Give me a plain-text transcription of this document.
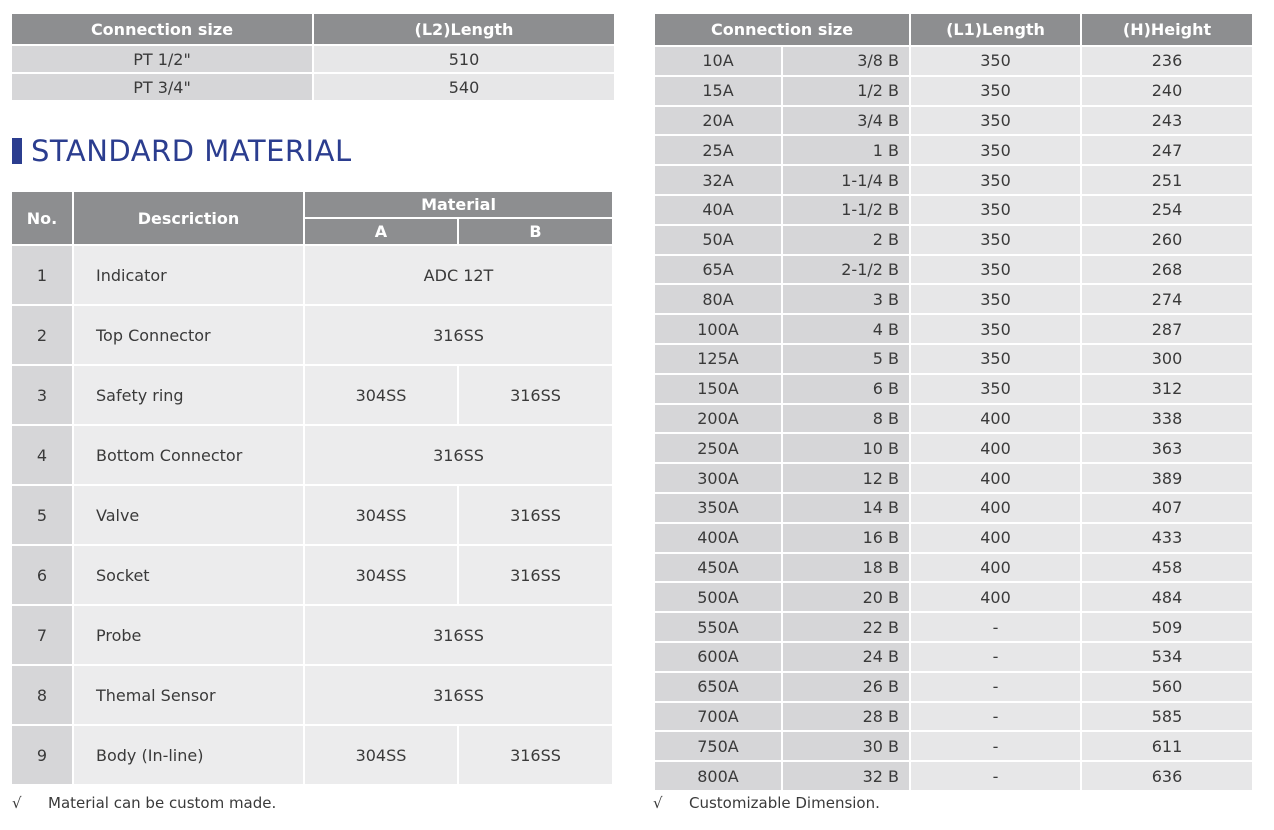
Connection size	(L2)Length
PT 1/2"	510
PT 3/4"	540
STANDARD MATERIAL
No.	Descriction	Material	
		A	B
1	Indicator	ADC 12T	
2	Top Connector	316SS	
3	Safety ring	304SS	316SS
4	Bottom Connector	316SS	
5	Valve	304SS	316SS
6	Socket	304SS	316SS
7	Probe	316SS	
8	Themal Sensor	316SS	
9	Body (In-line)	304SS	316SS
√	Material can be custom made.
Connection size		(L1)Length	(H)Height
10A	3/8 B	350	236
15A	1/2 B	350	240
20A	3/4 B	350	243
25A	1 B	350	247
32A	1-1/4 B	350	251
40A	1-1/2 B	350	254
50A	2 B	350	260
65A	2-1/2 B	350	268
80A	3 B	350	274
100A	4 B	350	287
125A	5 B	350	300
150A	6 B	350	312
200A	8 B	400	338
250A	10 B	400	363
300A	12 B	400	389
350A	14 B	400	407
400A	16 B	400	433
450A	18 B	400	458
500A	20 B	400	484
550A	22 B	-	509
600A	24 B	-	534
650A	26 B	-	560
700A	28 B	-	585
750A	30 B	-	611
800A	32 B	-	636
√	Customizable Dimension.
